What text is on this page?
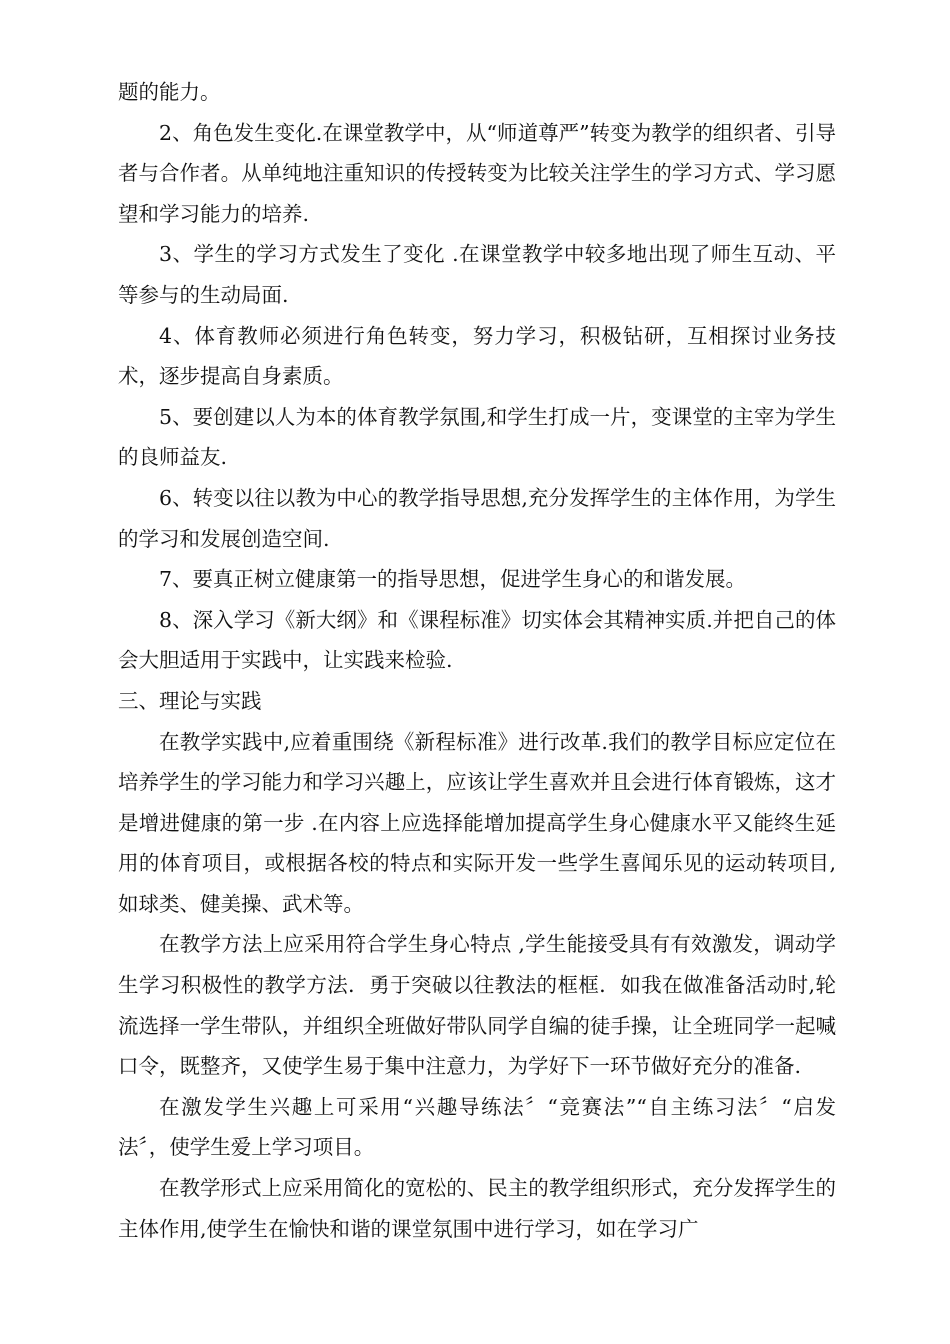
题的能力。

2、角色发生变化.在课堂教学中，从“师道尊严”转变为教学的组织者、引导者与合作者。从单纯地注重知识的传授转变为比较关注学生的学习方式、学习愿望和学习能力的培养.

3、学生的学习方式发生了变化 .在课堂教学中较多地出现了师生互动、平等参与的生动局面.

4、体育教师必须进行角色转变，努力学习，积极钻研，互相探讨业务技术，逐步提高自身素质。

5、要创建以人为本的体育教学氛围,和学生打成一片，变课堂的主宰为学生的良师益友.

6、转变以往以教为中心的教学指导思想,充分发挥学生的主体作用，为学生的学习和发展创造空间.

7、要真正树立健康第一的指导思想，促进学生身心的和谐发展。

8、深入学习《新大纲》和《课程标准》切实体会其精神实质.并把自己的体会大胆适用于实践中，让实践来检验.

三、理论与实践

在教学实践中,应着重围绕《新程标准》进行改革.我们的教学目标应定位在培养学生的学习能力和学习兴趣上，应该让学生喜欢并且会进行体育锻炼，这才是增进健康的第一步 .在内容上应选择能增加提高学生身心健康水平又能终生延用的体育项目，或根据各校的特点和实际开发一些学生喜闻乐见的运动转项目,如球类、健美操、武术等。

在教学方法上应采用符合学生身心特点 ,学生能接受具有有效激发，调动学生学习积极性的教学方法．勇于突破以往教法的框框．如我在做准备活动时,轮流选择一学生带队，并组织全班做好带队同学自编的徒手操，让全班同学一起喊口令，既整齐，又使学生易于集中注意力，为学好下一环节做好充分的准备.

在激发学生兴趣上可采用“兴趣导练法〞“竞赛法”“自主练习法〞“启发法〞，使学生爱上学习项目。

在教学形式上应采用简化的宽松的、民主的教学组织形式，充分发挥学生的主体作用,使学生在愉快和谐的课堂氛围中进行学习，如在学习广
